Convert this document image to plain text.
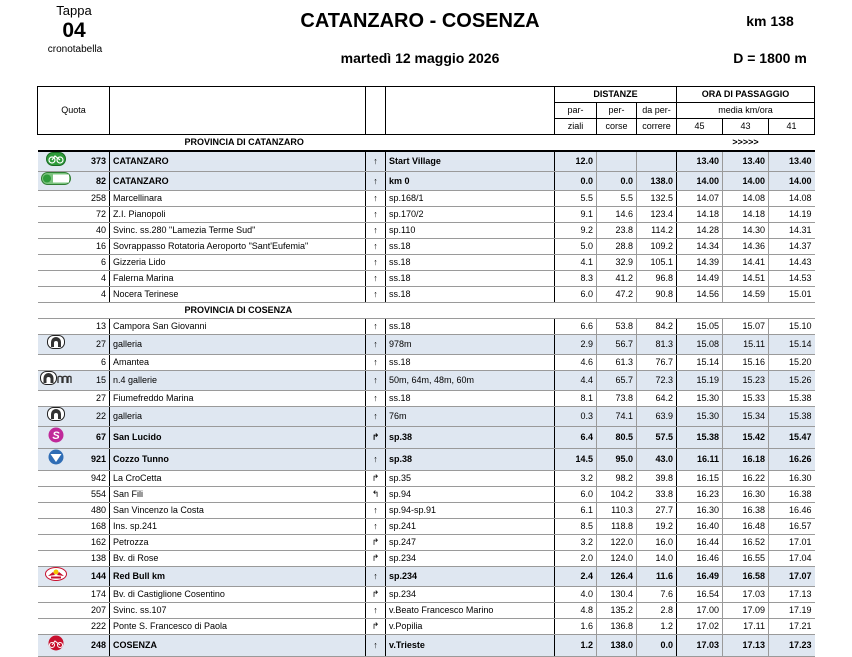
Tappa
04
cronotabella
CATANZARO - COSENZA
martedì 12 maggio 2026
km 138
D = 1800 m
Quota					DISTANZE			ORA DI PASSAGGIO		
					par-	per-	da per-	media km/ora		
					ziali	corse	correre	45	43	41
		PROVINCIA DI CATANZARO						>>>>>		
	373	CATANZARO	↑	Start Village	12.0			13.40	13.40	13.40
	82	CATANZARO	↑	km 0	0.0	0.0	138.0	14.00	14.00	14.00
	258	Marcellinara	↑	sp.168/1	5.5	5.5	132.5	14.07	14.08	14.08
	72	Z.I. Pianopoli	↑	sp.170/2	9.1	14.6	123.4	14.18	14.18	14.19
	40	Svinc. ss.280 "Lamezia Terme Sud"	↑	sp.110	9.2	23.8	114.2	14.28	14.30	14.31
	16	Sovrappasso Rotatoria Aeroporto "Sant'Eufemia"	↑	ss.18	5.0	28.8	109.2	14.34	14.36	14.37
	6	Gizzeria Lido	↑	ss.18	4.1	32.9	105.1	14.39	14.41	14.43
	4	Falerna Marina	↑	ss.18	8.3	41.2	96.8	14.49	14.51	14.53
	4	Nocera Terinese	↑	ss.18	6.0	47.2	90.8	14.56	14.59	15.01
		PROVINCIA DI COSENZA								
	13	Campora San Giovanni	↑	ss.18	6.6	53.8	84.2	15.05	15.07	15.10
	27	galleria	↑	978m	2.9	56.7	81.3	15.08	15.11	15.14
	6	Amantea	↑	ss.18	4.6	61.3	76.7	15.14	15.16	15.20
	15	n.4 gallerie	↑	50m, 64m, 48m, 60m	4.4	65.7	72.3	15.19	15.23	15.26
	27	Fiumefreddo Marina	↑	ss.18	8.1	73.8	64.2	15.30	15.33	15.38
	22	galleria	↑	76m	0.3	74.1	63.9	15.30	15.34	15.38

S	67	San Lucido	↱	sp.38	6.4	80.5	57.5	15.38	15.42	15.47
	921	Cozzo Tunno	↑	sp.38	14.5	95.0	43.0	16.11	16.18	16.26
	942	La CroCetta	↱	sp.35	3.2	98.2	39.8	16.15	16.22	16.30
	554	San Fili	↰	sp.94	6.0	104.2	33.8	16.23	16.30	16.38
	480	San Vincenzo la Costa	↑	sp.94-sp.91	6.1	110.3	27.7	16.30	16.38	16.46
	168	Ins. sp.241	↑	sp.241	8.5	118.8	19.2	16.40	16.48	16.57
	162	Petrozza	↱	sp.247	3.2	122.0	16.0	16.44	16.52	17.01
	138	Bv. di Rose	↱	sp.234	2.0	124.0	14.0	16.46	16.55	17.04
	144	Red Bull km	↑	sp.234	2.4	126.4	11.6	16.49	16.58	17.07
	174	Bv. di Castiglione Cosentino	↱	sp.234	4.0	130.4	7.6	16.54	17.03	17.13
	207	Svinc. ss.107	↑	v.Beato Francesco Marino	4.8	135.2	2.8	17.00	17.09	17.19
	222	Ponte S. Francesco di Paola	↱	v.Popilia	1.6	136.8	1.2	17.02	17.11	17.21
	248	COSENZA	↑	v.Trieste	1.2	138.0	0.0	17.03	17.13	17.23
